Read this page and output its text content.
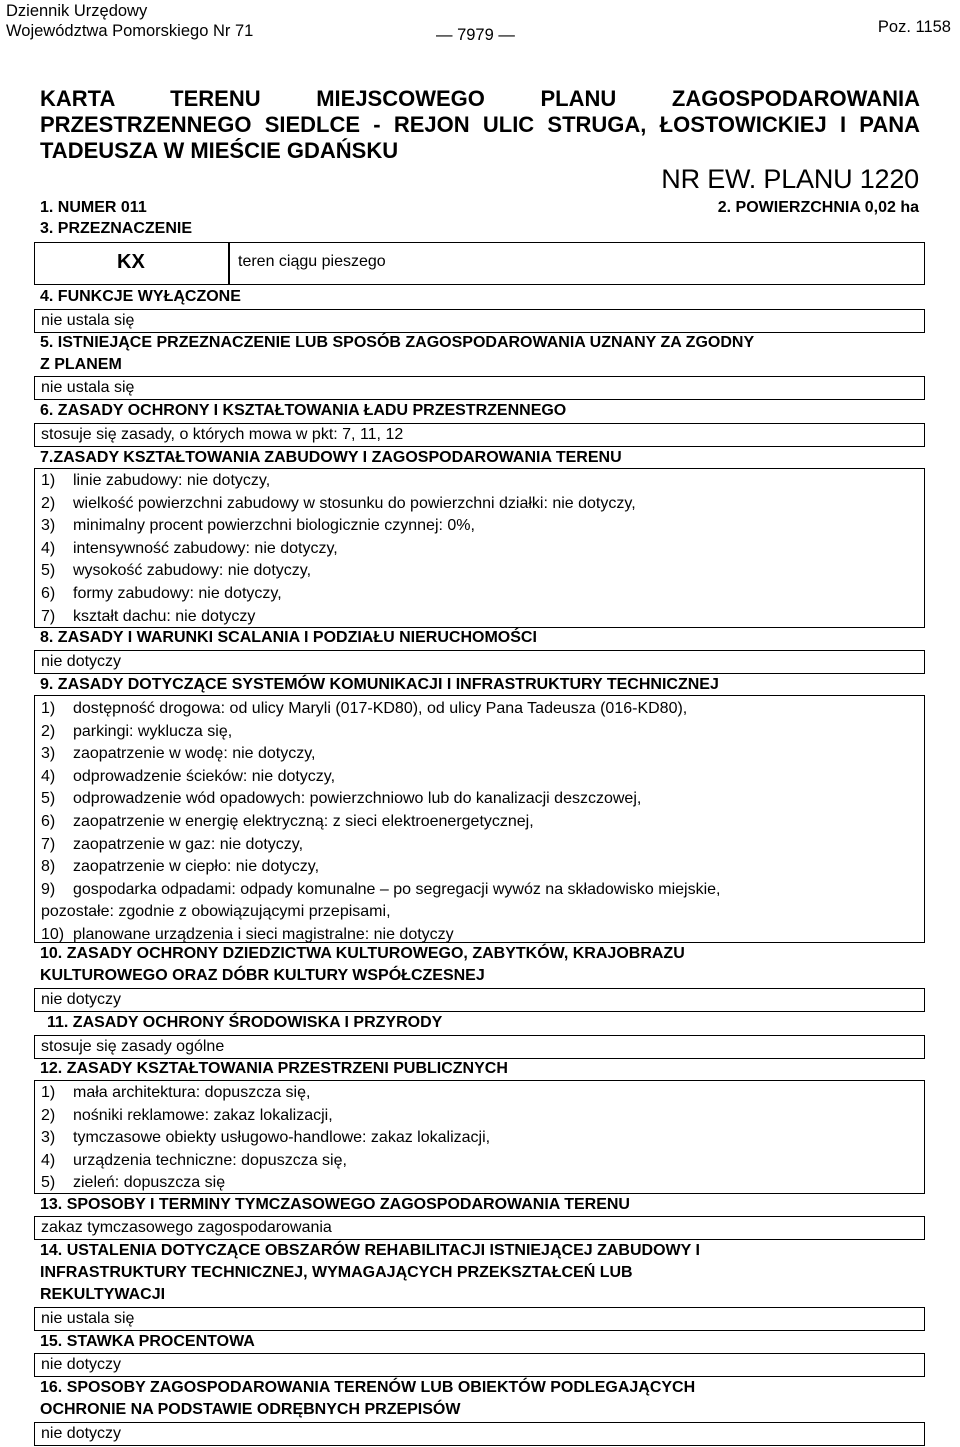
Dziennik Urzędowy
Województwa Pomorskiego Nr 71	— 7979 —	Poz. 1158
KARTA TERENU MIEJSCOWEGO PLANU ZAGOSPODAROWANIA
PRZESTRZENNEGO SIEDLCE - REJON ULIC STRUGA, ŁOSTOWICKIEJ I PANA
TADEUSZA W MIEŚCIE GDAŃSKU
NR EW. PLANU 1220
1. NUMER 011	2. POWIERZCHNIA 0,02 ha
3. PRZEZNACZENIE
KX	teren ciągu pieszego
4. FUNKCJE WYŁĄCZONE
nie ustala się
5. ISTNIEJĄCE PRZEZNACZENIE LUB SPOSÓB ZAGOSPODAROWANIA UZNANY ZA ZGODNY
Z PLANEM
nie ustala się
6. ZASADY OCHRONY I KSZTAŁTOWANIA ŁADU PRZESTRZENNEGO
stosuje się zasady, o których mowa w pkt: 7, 11, 12
7.ZASADY KSZTAŁTOWANIA ZABUDOWY I ZAGOSPODAROWANIA TERENU
1)	linie zabudowy: nie dotyczy,
2)	wielkość powierzchni zabudowy w stosunku do powierzchni działki: nie dotyczy,
3)	minimalny procent powierzchni biologicznie czynnej: 0%,
4)	intensywność zabudowy: nie dotyczy,
5)	wysokość zabudowy: nie dotyczy,
6)	formy zabudowy: nie dotyczy,
7)	kształt dachu: nie dotyczy
8. ZASADY I WARUNKI SCALANIA I PODZIAŁU NIERUCHOMOŚCI
nie dotyczy
9. ZASADY DOTYCZĄCE SYSTEMÓW KOMUNIKACJI I INFRASTRUKTURY TECHNICZNEJ
1)	dostępność drogowa: od ulicy Maryli (017-KD80), od ulicy Pana Tadeusza (016-KD80),
2)	parkingi: wyklucza się,
3)	zaopatrzenie w wodę: nie dotyczy,
4)	odprowadzenie ścieków: nie dotyczy,
5)	odprowadzenie wód opadowych: powierzchniowo lub do kanalizacji deszczowej,
6)	zaopatrzenie w energię elektryczną: z sieci elektroenergetycznej,
7)	zaopatrzenie w gaz: nie dotyczy,
8)	zaopatrzenie w ciepło: nie dotyczy,
9)	gospodarka odpadami: odpady komunalne – po segregacji wywóz na składowisko miejskie,
pozostałe: zgodnie z obowiązującymi przepisami,
10) planowane urządzenia i sieci magistralne: nie dotyczy
10. ZASADY OCHRONY DZIEDZICTWA KULTUROWEGO, ZABYTKÓW, KRAJOBRAZU
KULTUROWEGO ORAZ DÓBR KULTURY WSPÓŁCZESNEJ
nie dotyczy
11. ZASADY OCHRONY ŚRODOWISKA I PRZYRODY
stosuje się zasady ogólne
12. ZASADY KSZTAŁTOWANIA PRZESTRZENI PUBLICZNYCH
1)	mała architektura: dopuszcza się,
2)	nośniki reklamowe: zakaz lokalizacji,
3)	tymczasowe obiekty usługowo-handlowe: zakaz lokalizacji,
4)	urządzenia techniczne: dopuszcza się,
5)	zieleń: dopuszcza się
13. SPOSOBY I TERMINY TYMCZASOWEGO ZAGOSPODAROWANIA TERENU
zakaz tymczasowego zagospodarowania
14. USTALENIA DOTYCZĄCE OBSZARÓW REHABILITACJI ISTNIEJĄCEJ ZABUDOWY I
INFRASTRUKTURY TECHNICZNEJ, WYMAGAJĄCYCH PRZEKSZTAŁCEŃ LUB
REKULTYWACJI
nie ustala się
15. STAWKA PROCENTOWA
nie dotyczy
16. SPOSOBY ZAGOSPODAROWANIA TERENÓW LUB OBIEKTÓW PODLEGAJĄCYCH
OCHRONIE NA PODSTAWIE ODRĘBNYCH PRZEPISÓW
nie dotyczy
